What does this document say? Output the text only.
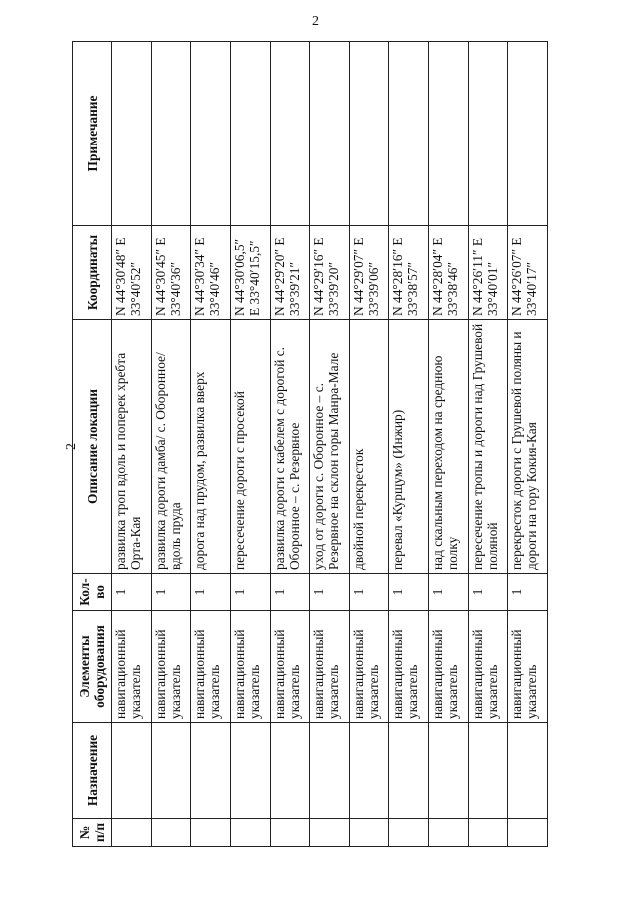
2
2
№ п/п	Назначение	Элементы оборудования	Кол-во	Описание локации	Координаты	Примечание
		навигационный указатель	1	развилка троп вдоль и поперек хребта Орта-Кая	N 44°30′48″ E 33°40′52″	
		навигационный указатель	1	развилка дороги дамба/ с. Оборонное/вдоль пруда	N 44°30′45″ E 33°40′36″	
		навигационный указатель	1	дорога над прудом, развилка вверх	N 44°30′34″ E 33°40′46″	
		навигационный указатель	1	пересечение дороги с просекой	N 44°30′06,5″ E 33°40′15,5″	
		навигационный указатель	1	развилка дороги с кабелем с дорогой с. Оборонное – с. Резервное	N 44°29′20″ E 33°39′21″	
		навигационный указатель	1	уход от дороги с. Оборонное – с. Резервное на склон горы Манра-Мале	N 44°29′16″ E 33°39′20″	
		навигационный указатель	1	двойной перекресток	N 44°29′07″ E 33°39′06″	
		навигационный указатель	1	перевал «Курщум» (Инжир)	N 44°28′16″ E 33°38′57″	
		навигационный указатель	1	над скальным переходом на среднюю полку	N 44°28′04″ E 33°38′46″	
		навигационный указатель	1	пересечение тропы и дороги над Грушевой поляной	N 44°26′11″ E 33°40′01″	
		навигационный указатель	1	перекресток дороги с Грушевой поляны и дороги на гору Кокия-Кая	N 44°26′07″ E 33°40′17″	
